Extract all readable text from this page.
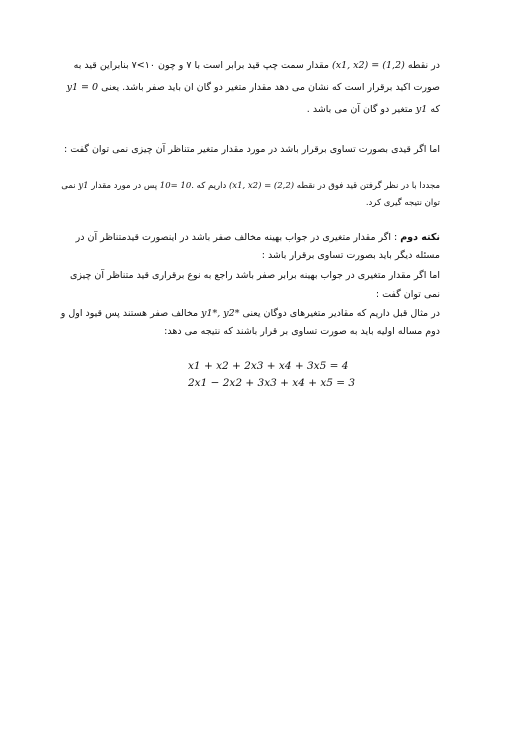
در نقطه (x1, x2) = (1,2) مقدار سمت چپ قید برابر است با ۷ و چون ۱۰>۷ بنابراین قید به
صورت اکید برقرار است که نشان می دهد مقدار متغیر دو گان ان باید صفر باشد. یعنی y1 = 0
که y1 متغیر دو گان آن می باشد .
اما اگر قیدی بصورت تساوی برقرار باشد در مورد مقدار متغیر متناظر آن چیزی نمی توان گفت :
مجددا با در نظر گرفتن قید فوق در نقطه (x1, x2) = (2,2) داریم که 10= 10. پس در مورد مقدار y1 نمی
توان نتیجه گیری کرد.
نکته دوم : اگر مقدار متغیری در جواب بهینه مخالف صفر باشد در اینصورت قیدمتناظر آن در
مسئله دیگر باید بصورت تساوی برقرار باشد :
اما اگر مقدار متغیری در جواب بهینه برابر صفر باشد راجع به نوع برقراری قید متناظر آن چیزی
نمی توان گفت :
در مثال قبل داریم که مقادیر متغیرهای دوگان یعنی y1*, y2* مخالف صفر هستند پس قیود اول و
دوم مساله اولیه باید به صورت تساوی بر قرار باشند که نتیجه می دهد:
x1 + x2 + 2x3 + x4 + 3x5 = 4
2x1 − 2x2 + 3x3 + x4 + x5 = 3
